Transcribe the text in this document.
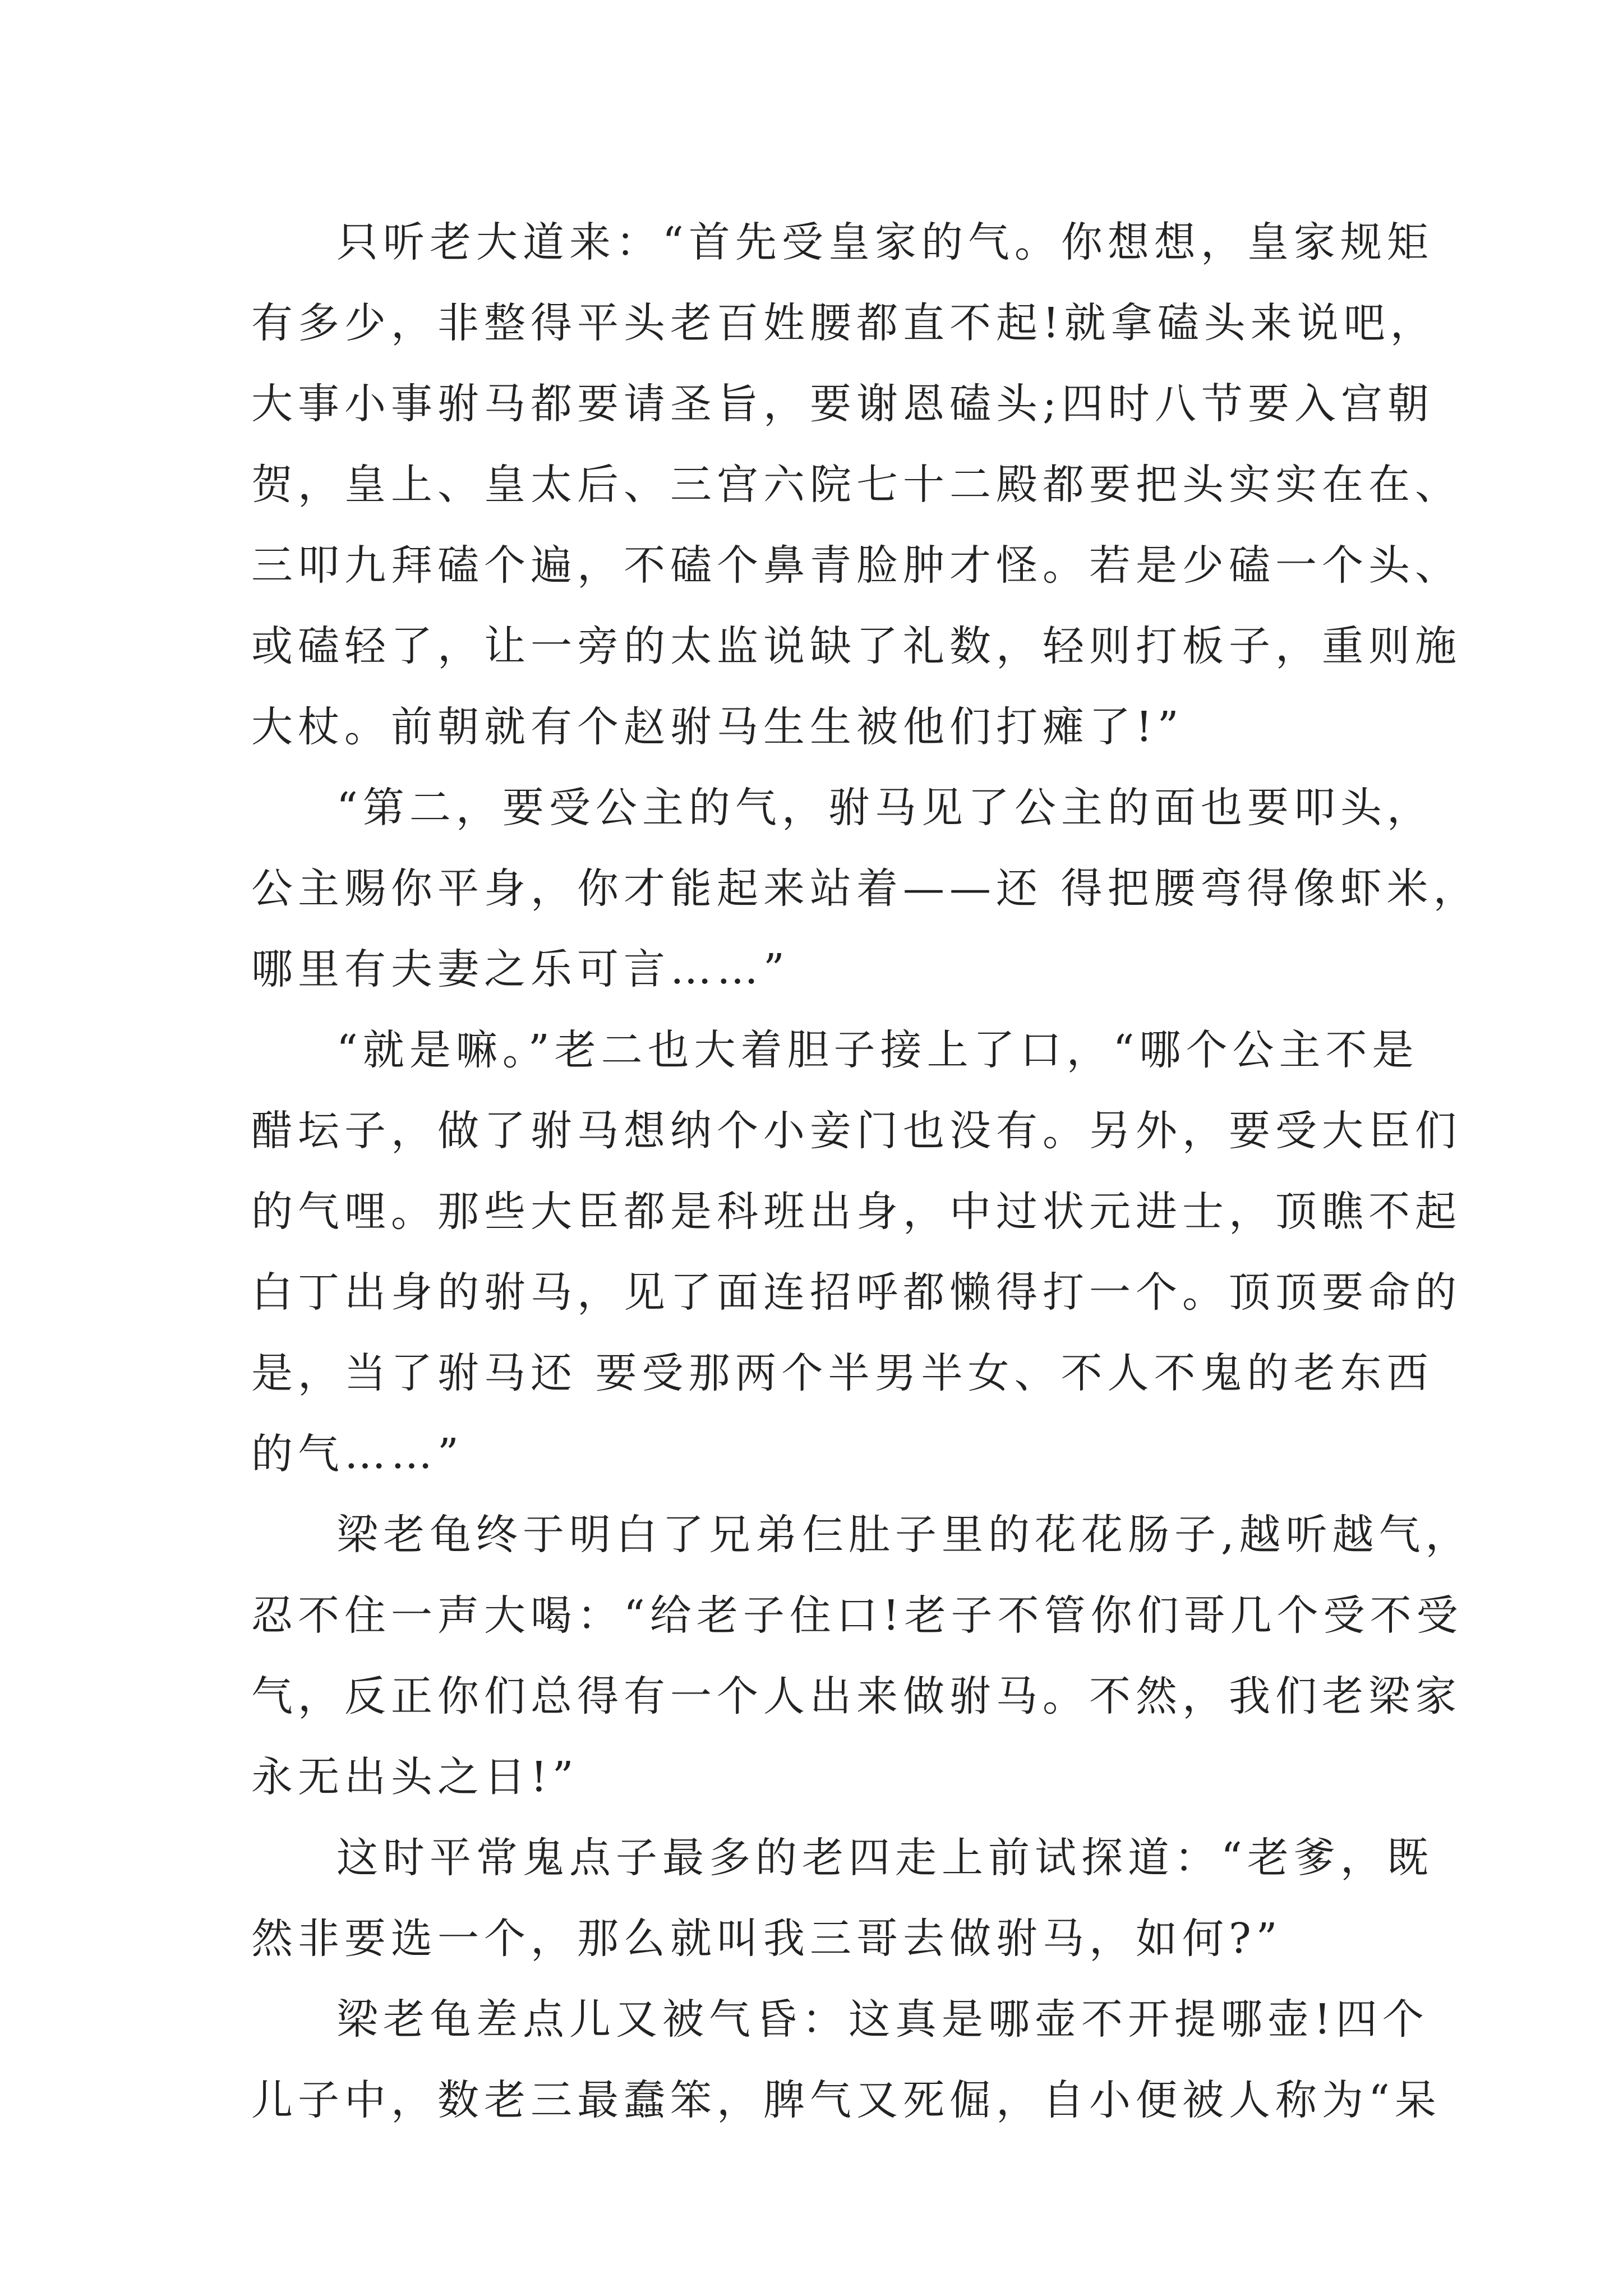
只听老大道来：“首先受皇家的气。你想想，皇家规矩
有多少，非整得平头老百姓腰都直不起!就拿磕头来说吧，
大事小事驸马都要请圣旨，要谢恩磕头;四时八节要入宫朝
贺，皇上、皇太后、三宫六院七十二殿都要把头实实在在、
三叩九拜磕个遍，不磕个鼻青脸肿才怪。若是少磕一个头、
或磕轻了，让一旁的太监说缺了礼数，轻则打板子，重则施
大杖。前朝就有个赵驸马生生被他们打瘫了!”
“第二，要受公主的气，驸马见了公主的面也要叩头，
公主赐你平身，你才能起来站着——还 得把腰弯得像虾米，
哪里有夫妻之乐可言……”
“就是嘛。”老二也大着胆子接上了口，“哪个公主不是
醋坛子，做了驸马想纳个小妾门也没有。另外，要受大臣们
的气哩。那些大臣都是科班出身，中过状元进士，顶瞧不起
白丁出身的驸马，见了面连招呼都懒得打一个。顶顶要命的
是，当了驸马还 要受那两个半男半女、不人不鬼的老东西
的气……”
梁老龟终于明白了兄弟仨肚子里的花花肠子,越听越气，
忍不住一声大喝：“给老子住口!老子不管你们哥几个受不受
气，反正你们总得有一个人出来做驸马。不然，我们老梁家
永无出头之日!”
这时平常鬼点子最多的老四走上前试探道：“老爹，既
然非要选一个，那么就叫我三哥去做驸马，如何?”
梁老龟差点儿又被气昏：这真是哪壶不开提哪壶!四个
儿子中，数老三最蠢笨，脾气又死倔，自小便被人称为“呆
